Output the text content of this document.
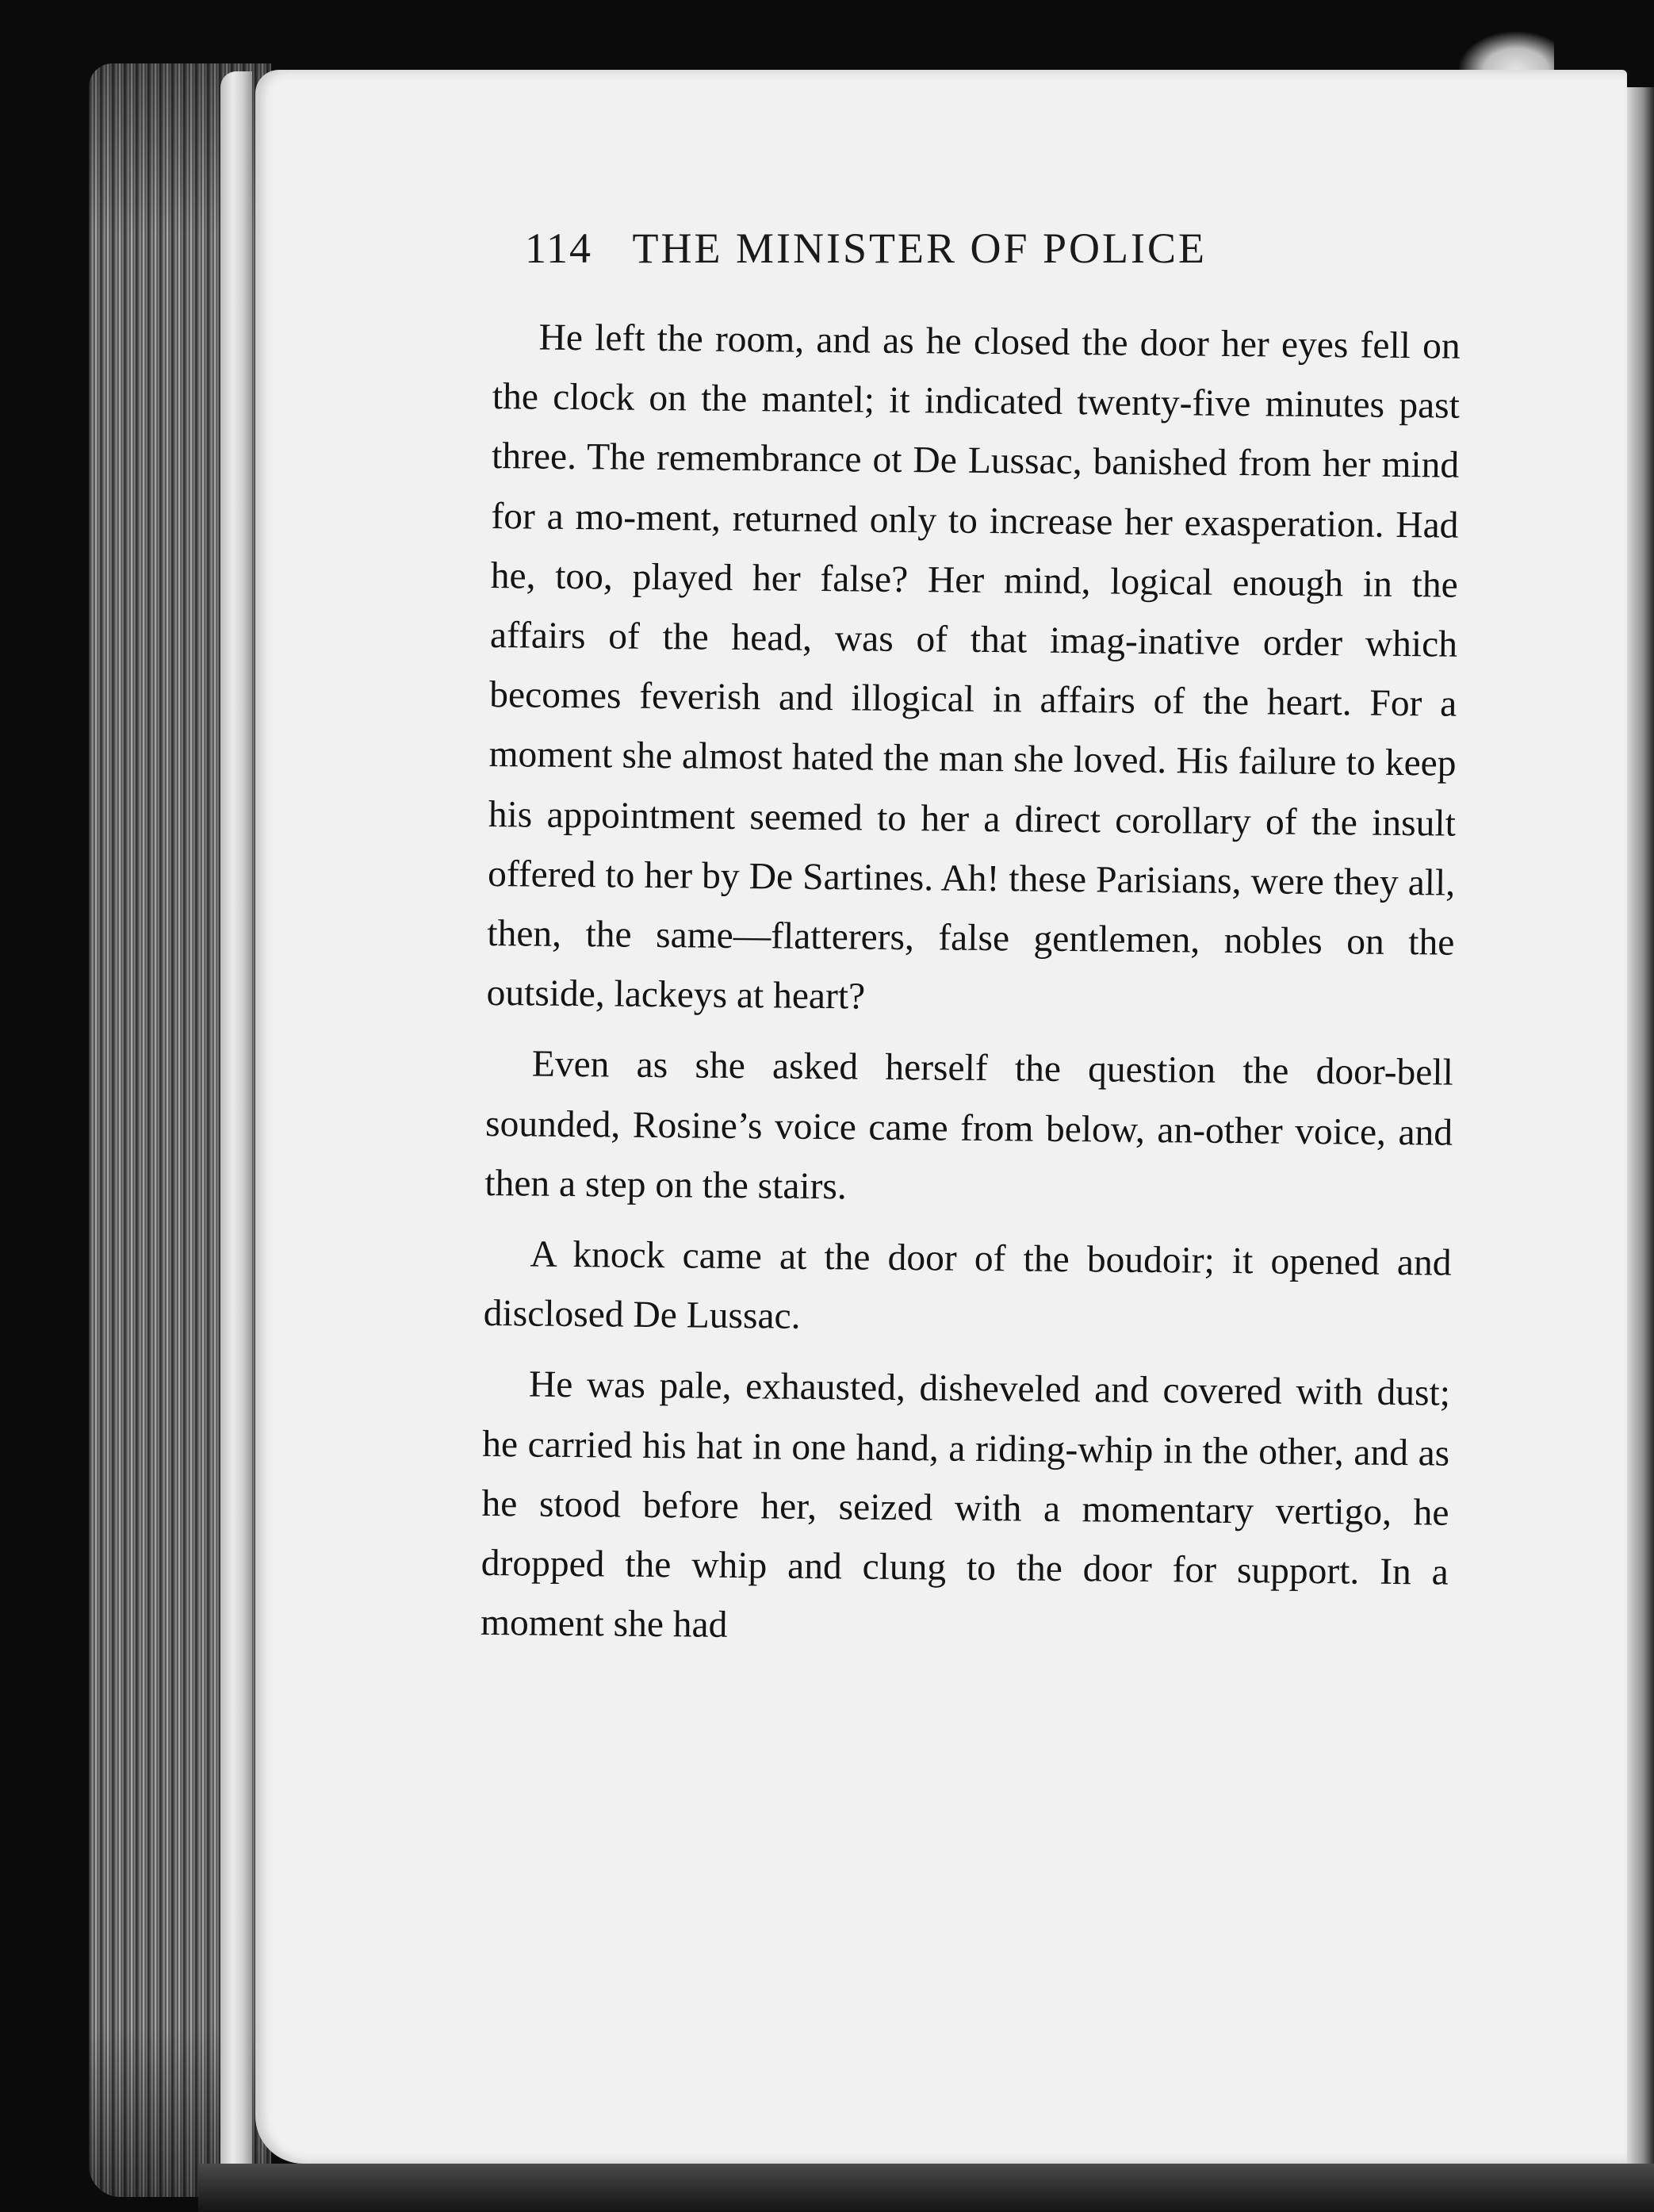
114 THE MINISTER OF POLICE

He left the room, and as he closed the door her eyes fell on the clock on the mantel; it indicated twenty-five minutes past three. The remembrance ot De Lussac, banished from her mind for a mo-ment, returned only to increase her exasperation. Had he, too, played her false? Her mind, logical enough in the affairs of the head, was of that imag-inative order which becomes feverish and illogical in affairs of the heart. For a moment she almost hated the man she loved. His failure to keep his appointment seemed to her a direct corollary of the insult offered to her by De Sartines. Ah! these Parisians, were they all, then, the same—flatterers, false gentlemen, nobles on the outside, lackeys at heart?

Even as she asked herself the question the door-bell sounded, Rosine’s voice came from below, an-other voice, and then a step on the stairs.

A knock came at the door of the boudoir; it opened and disclosed De Lussac.

He was pale, exhausted, disheveled and covered with dust; he carried his hat in one hand, a riding-whip in the other, and as he stood before her, seized with a momentary vertigo, he dropped the whip and clung to the door for support. In a moment she had
